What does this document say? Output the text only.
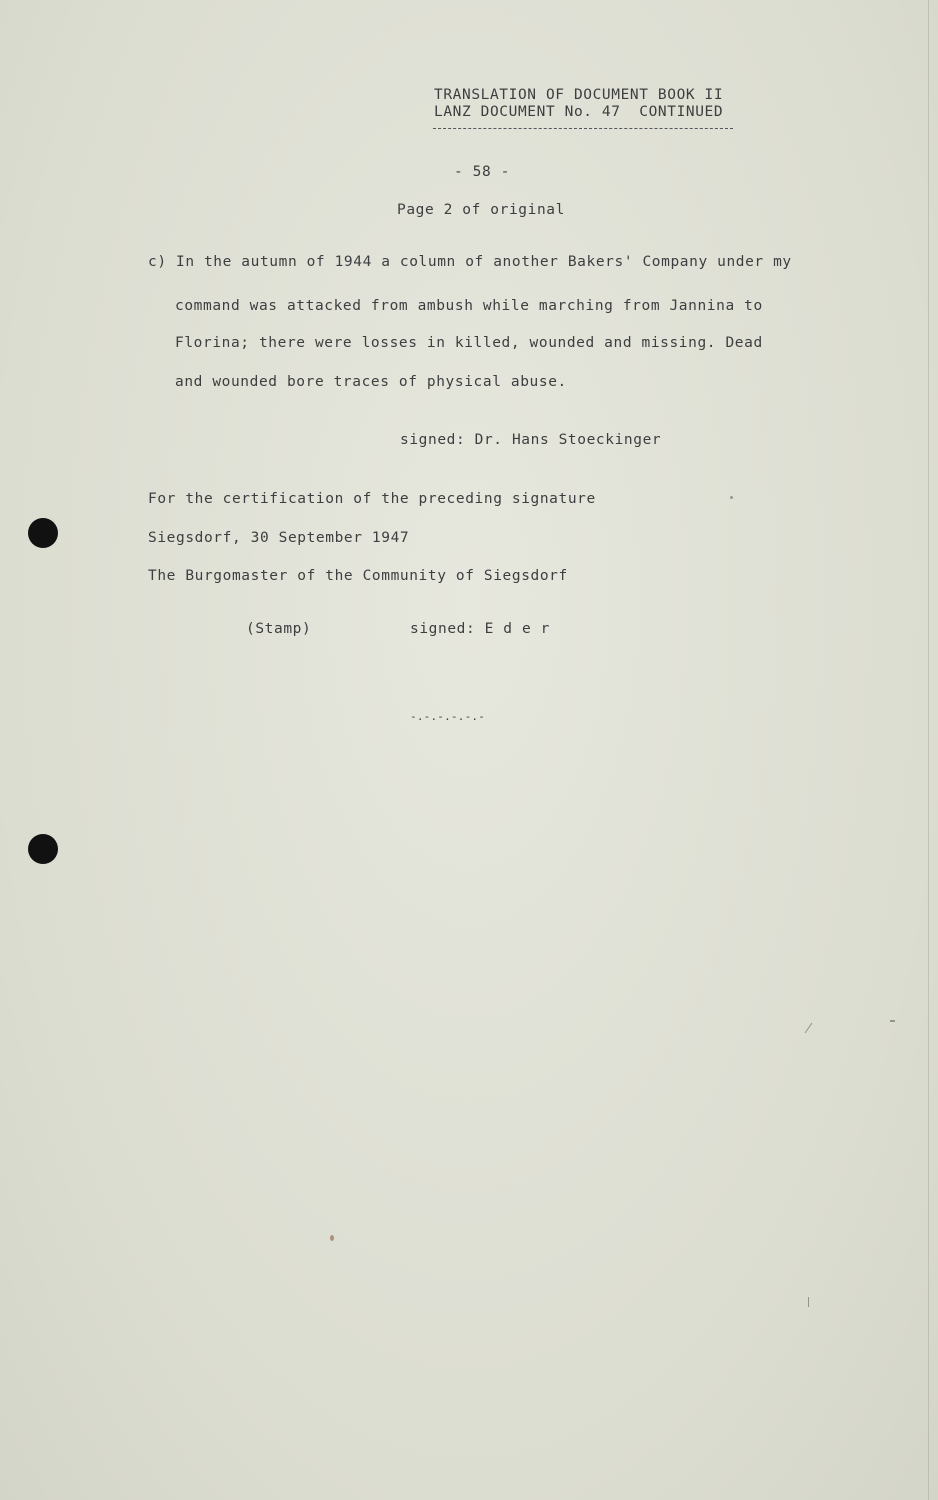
TRANSLATION OF DOCUMENT BOOK II
LANZ DOCUMENT No. 47  CONTINUED
- 58 -
Page 2 of original
c) In the autumn of 1944 a column of another Bakers' Company under my
command was attacked from ambush while marching from Jannina to
Florina; there were losses in killed, wounded and missing. Dead
and wounded bore traces of physical abuse.
signed: Dr. Hans Stoeckinger
For the certification of the preceding signature
Siegsdorf, 30 September 1947
The Burgomaster of the Community of Siegsdorf
(Stamp)	signed: E d e r
-.-.-.-.-.-
